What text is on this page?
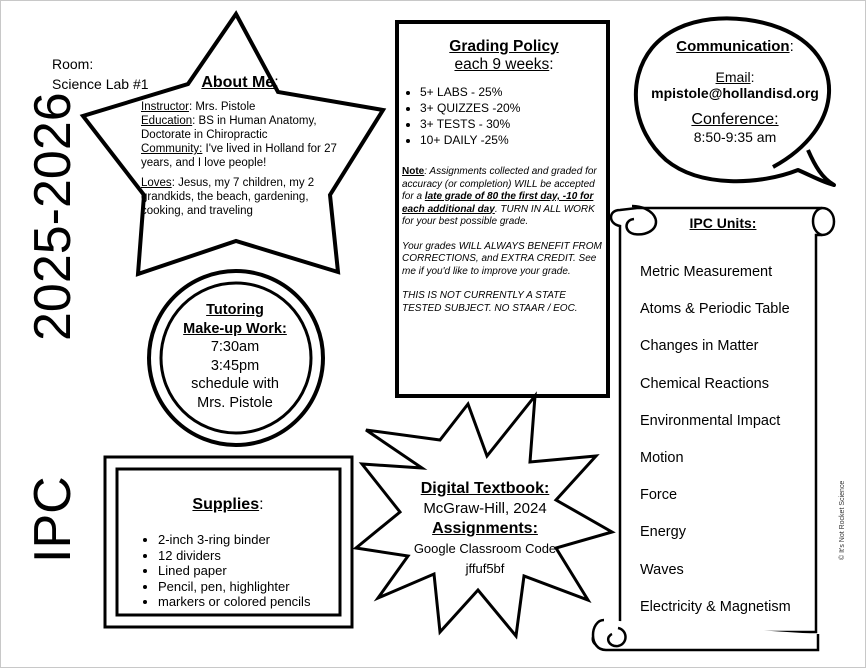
Room:
Science Lab #1
2025-2026
IPC
About Me:
Instructor: Mrs. Pistole
Education: BS in Human Anatomy, Doctorate in Chiropractic
Community: I've lived in Holland for 27 years, and I love people!
Loves: Jesus, my 7 children, my 2 grandkids, the beach, gardening, cooking, and traveling
Tutoring
Make-up Work:
7:30am
3:45pm
schedule with
Mrs. Pistole
Grading Policy
each 9 weeks:
• 5+ LABS - 25%
• 3+ QUIZZES -20%
• 3+ TESTS - 30%
• 10+ DAILY -25%
Note: Assignments collected and graded for accuracy (or completion) WILL be accepted for a late grade of 80 the first day, -10 for each additional day. TURN IN ALL WORK for your best possible grade.
Your grades WILL ALWAYS BENEFIT FROM CORRECTIONS, and EXTRA CREDIT. See me if you'd like to improve your grade.
THIS IS NOT CURRENTLY A STATE TESTED SUBJECT. NO STAAR / EOC.
Communication:
Email:
mpistole@hollandisd.org
Conference:
8:50-9:35 am
IPC Units:
Metric Measurement
Atoms & Periodic Table
Changes in Matter
Chemical Reactions
Environmental Impact
Motion
Force
Energy
Waves
Electricity & Magnetism
Supplies:
• 2-inch 3-ring binder
• 12 dividers
• Lined paper
• Pencil, pen, highlighter
• markers or colored pencils
Digital Textbook:
McGraw-Hill, 2024
Assignments:
Google Classroom Code
jffuf5bf
© It's Not Rocket Science
